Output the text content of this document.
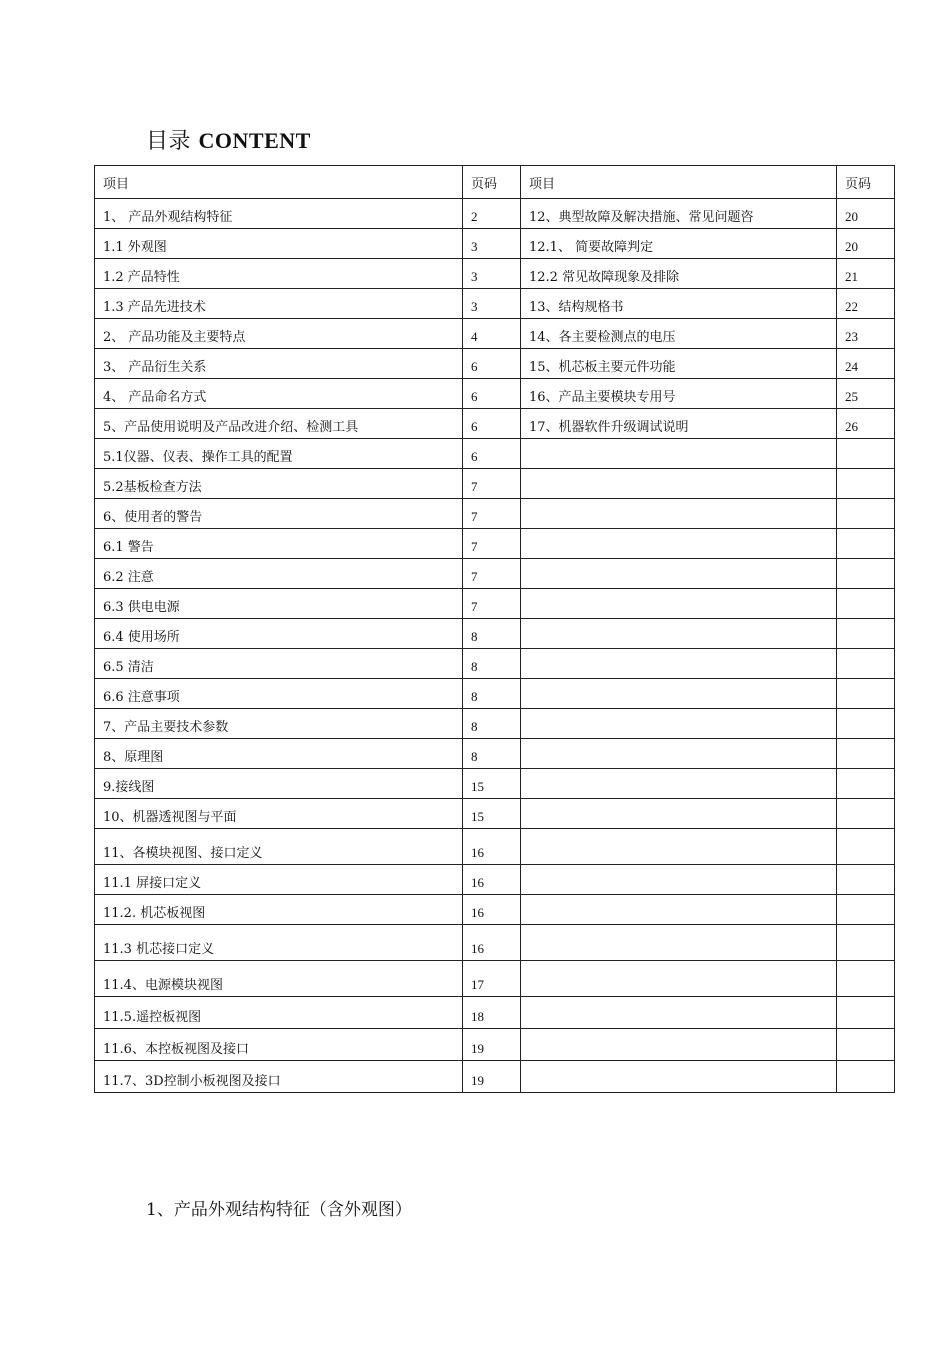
目录 CONTENT
项目	页码	项目	页码
1、 产品外观结构特征	2	12、典型故障及解决措施、常见问题咨	20
1.1 外观图	3	12.1、 简要故障判定	20
1.2 产品特性	3	12.2 常见故障现象及排除	21
1.3 产品先进技术	3	13、结构规格书	22
2、 产品功能及主要特点	4	14、各主要检测点的电压	23
3、 产品衍生关系	6	15、机芯板主要元件功能	24
4、 产品命名方式	6	16、产品主要模块专用号	25
5、产品使用说明及产品改进介绍、检测工具	6	17、机器软件升级调试说明	26
5.1仪器、仪表、操作工具的配置	6		
5.2基板检查方法	7		
6、使用者的警告	7		
6.1 警告	7		
6.2 注意	7		
6.3 供电电源	7		
6.4 使用场所	8		
6.5 清洁	8		
6.6 注意事项	8		
7、产品主要技术参数	8		
8、原理图	8		
9.接线图	15		
10、机器透视图与平面	15		
11、各模块视图、接口定义	16		
11.1 屏接口定义	16		
11.2. 机芯板视图	16		
11.3 机芯接口定义	16		
11.4、电源模块视图	17		
11.5.遥控板视图	18		
11.6、本控板视图及接口	19		
11.7、3D控制小板视图及接口	19		
1、产品外观结构特征（含外观图）
